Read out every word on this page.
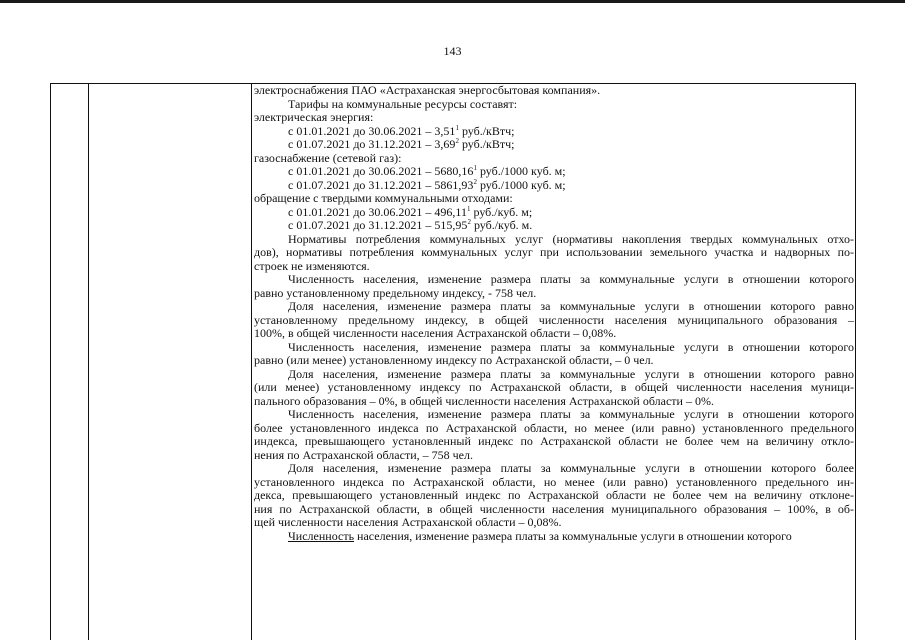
143
электроснабжения ПАО «Астраханская энергосбытовая компания».
Тарифы на коммунальные ресурсы составят:
электрическая энергия:
с 01.01.2021 до 30.06.2021 – 3,51$^1$ руб./кВтч;
с 01.07.2021 до 31.12.2021 – 3,69$^2$ руб./кВтч;
газоснабжение (сетевой газ):
с 01.01.2021 до 30.06.2021 – 5680,16$^1$ руб./1000 куб. м;
с 01.07.2021 до 31.12.2021 – 5861,93$^2$ руб./1000 куб. м;
обращение с твердыми коммунальными отходами:
с 01.01.2021 до 30.06.2021 – 496,11$^1$ руб./куб. м;
с 01.07.2021 до 31.12.2021 – 515,95$^2$ руб./куб. м.
Нормативы потребления коммунальных услуг (нормативы накопления твердых коммунальных отхо-
дов), нормативы потребления коммунальных услуг при использовании земельного участка и надворных по-
строек не изменяются.
Численность населения, изменение размера платы за коммунальные услуги в отношении которого
равно установленному предельному индексу, - 758 чел.
Доля населения, изменение размера платы за коммунальные услуги в отношении которого равно
установленному предельному индексу, в общей численности населения муниципального образования –
100%, в общей численности населения Астраханской области – 0,08%.
Численность населения, изменение размера платы за коммунальные услуги в отношении которого
равно (или менее) установленному индексу по Астраханской области, – 0 чел.
Доля населения, изменение размера платы за коммунальные услуги в отношении которого равно
(или менее) установленному индексу по Астраханской области, в общей численности населения муници-
пального образования – 0%, в общей численности населения Астраханской области – 0%.
Численность населения, изменение размера платы за коммунальные услуги в отношении которого
более установленного индекса по Астраханской области, но менее (или равно) установленного предельного
индекса, превышающего установленный индекс по Астраханской области не более чем на величину откло-
нения по Астраханской области, – 758 чел.
Доля населения, изменение размера платы за коммунальные услуги в отношении которого более
установленного индекса по Астраханской области, но менее (или равно) установленного предельного ин-
декса, превышающего установленный индекс по Астраханской области не более чем на величину отклоне-
ния по Астраханской области, в общей численности населения муниципального образования – 100%, в об-
щей численности населения Астраханской области – 0,08%.
Численность населения, изменение размера платы за коммунальные услуги в отношении которого
